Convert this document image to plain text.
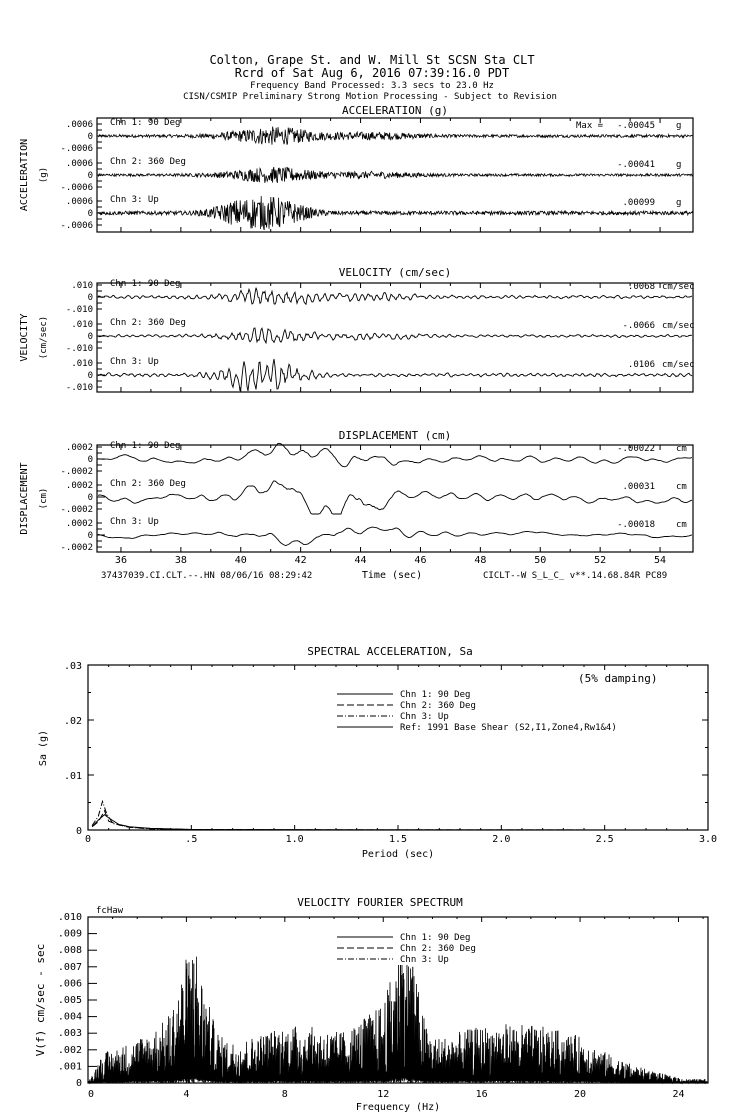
Colton, Grape St. and W. Mill St SCSN Sta CLT
Rcrd of Sat Aug 6, 2016 07:39:16.0 PDT
Frequency Band Processed: 3.3 secs to 23.0 Hz
CISN/CSMIP Preliminary Strong Motion Processing - Subject to Revision
ACCELERATION (g)
ACCELERATION (g)
.0006
0
-.0006
Chn 1: 90 Deg	Max = -.00045 g
.0006
0
-.0006
Chn 2: 360 Deg	-.00041 g
.0006
0
-.0006
Chn 3: Up	.00099 g
VELOCITY (cm/sec)
VELOCITY (cm/sec)
.010
0
-.010
Chn 1: 90 Deg	.0068 cm/sec
.010
0
-.010
Chn 2: 360 Deg	-.0066 cm/sec
.010
0
-.010
Chn 3: Up	.0106 cm/sec
DISPLACEMENT (cm)
DISPLACEMENT (cm)
.0002
0
-.0002
Chn 1: 90 Deg	-.00022 cm
.0002
0
-.0002
Chn 2: 360 Deg	.00031 cm
.0002
0
-.0002
Chn 3: Up	-.00018 cm
36	38	40	42	44	46	48	50	52	54
SPECTRAL ACCELERATION, Sa
0	.5	1.0	1.5	2.0	2.5	3.0
0
.01
.02
.03
Period (sec)
Sa (g)
(5% damping)
Chn 1: 90 Deg
Chn 2: 360 Deg
Chn 3: Up
Ref: 1991 Base Shear (S2,I1,Zone4,Rw1&4)
VELOCITY FOURIER SPECTRUM
fcHaw
0	4	8	12	16	20	24
0
.001
.002
.003
.004
.005
.006
.007
.008
.009
.010
Frequency (Hz)
V(f) cm/sec - sec
Chn 1: 90 Deg
Chn 2: 360 Deg
Chn 3: Up
37437039.CI.CLT.--.HN 08/06/16 08:29:42	Time (sec)	CICLT--W S_L_C_ v**.14.68.84R PC89
